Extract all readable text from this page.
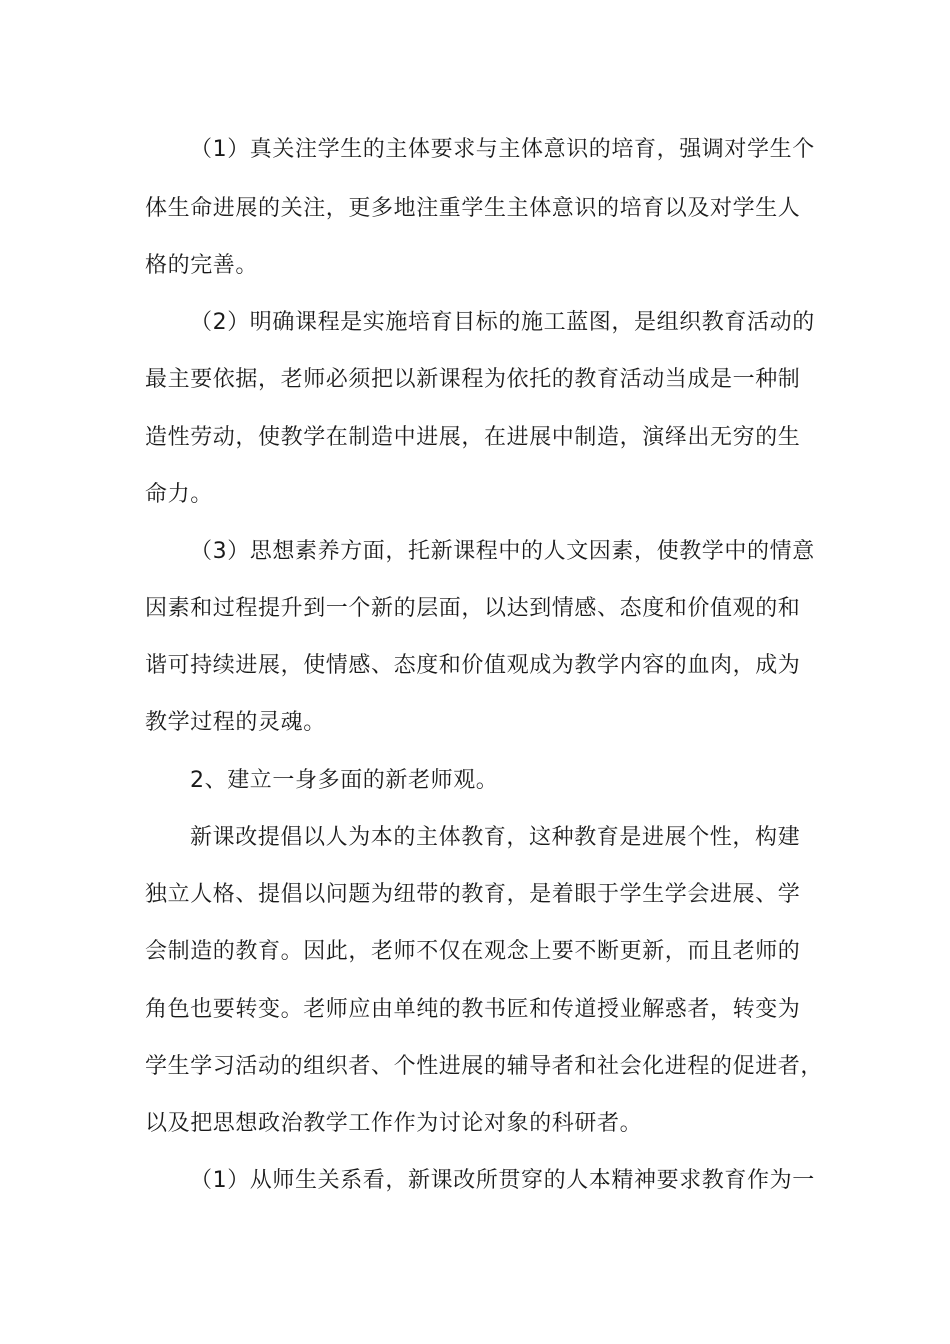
（1）真关注学生的主体要求与主体意识的培育，强调对学生个
体生命进展的关注，更多地注重学生主体意识的培育以及对学生人
格的完善。
（2）明确课程是实施培育目标的施工蓝图，是组织教育活动的
最主要依据，老师必须把以新课程为依托的教育活动当成是一种制
造性劳动，使教学在制造中进展，在进展中制造，演绎出无穷的生
命力。
（3）思想素养方面，托新课程中的人文因素，使教学中的情意
因素和过程提升到一个新的层面，以达到情感、态度和价值观的和
谐可持续进展，使情感、态度和价值观成为教学内容的血肉，成为
教学过程的灵魂。
2、建立一身多面的新老师观。
新课改提倡以人为本的主体教育，这种教育是进展个性，构建
独立人格、提倡以问题为纽带的教育，是着眼于学生学会进展、学
会制造的教育。因此，老师不仅在观念上要不断更新，而且老师的
角色也要转变。老师应由单纯的教书匠和传道授业解惑者，转变为
学生学习活动的组织者、个性进展的辅导者和社会化进程的促进者，
以及把思想政治教学工作作为讨论对象的科研者。
（1）从师生关系看，新课改所贯穿的人本精神要求教育作为一
